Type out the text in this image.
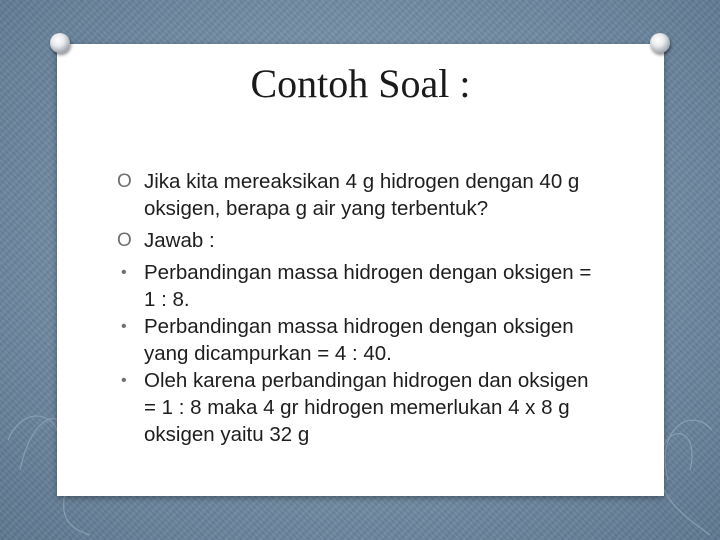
Contoh Soal :

O Jika kita mereaksikan 4 g hidrogen dengan 40 g oksigen, berapa g air yang terbentuk?

O Jawab :

• Perbandingan massa hidrogen dengan oksigen = 1 : 8.

• Perbandingan massa hidrogen dengan oksigen yang dicampurkan = 4 : 40.

• Oleh karena perbandingan hidrogen dan oksigen = 1 : 8 maka 4 gr hidrogen memerlukan 4 x 8 g oksigen yaitu 32 g
